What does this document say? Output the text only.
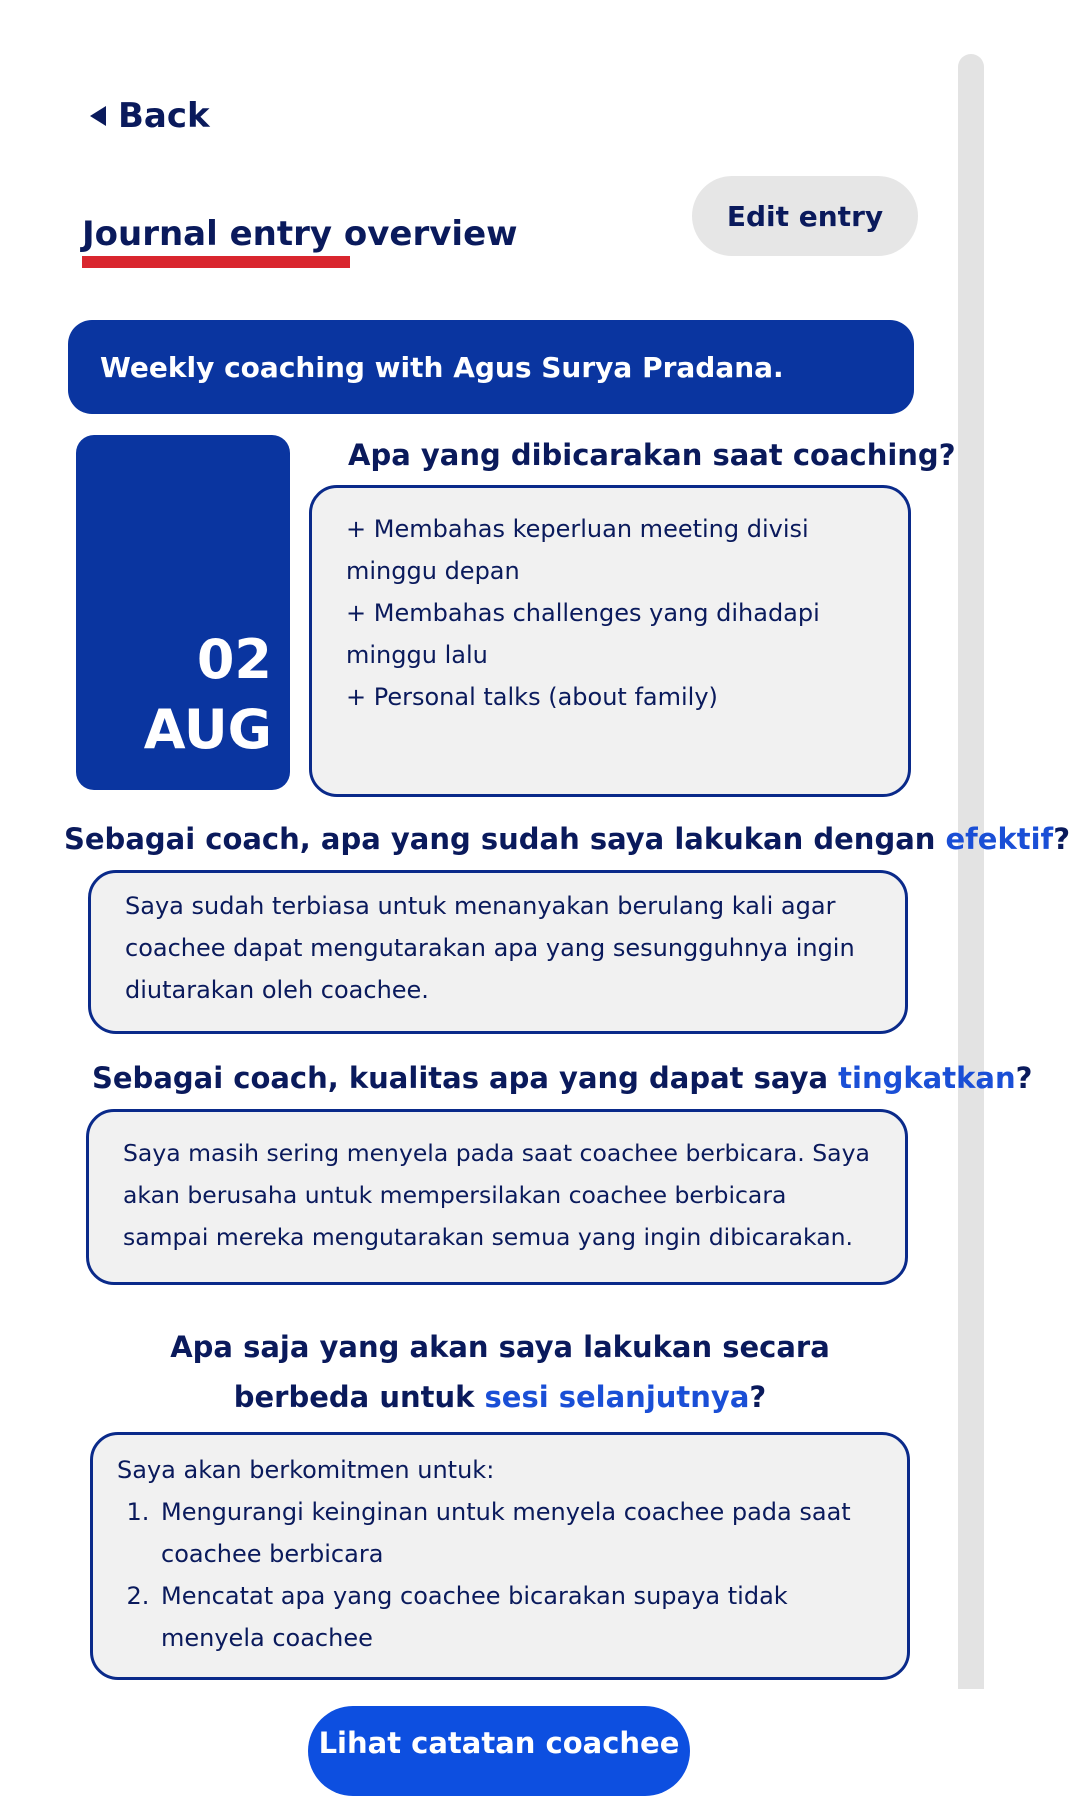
Back
Edit entry
Journal entry overview
Weekly coaching with Agus Surya Pradana.
02
AUG

Apa yang dibicarakan saat coaching?

+ Membahas keperluan meeting divisi
minggu depan
+ Membahas challenges yang dihadapi
minggu lalu
+ Personal talks (about family)

Sebagai coach, apa yang sudah saya lakukan dengan efektif?

Saya sudah terbiasa untuk menanyakan berulang kali agar
coachee dapat mengutarakan apa yang sesungguhnya ingin
diutarakan oleh coachee.

Sebagai coach, kualitas apa yang dapat saya tingkatkan?

Saya masih sering menyela pada saat coachee berbicara. Saya
akan berusaha untuk mempersilakan coachee berbicara
sampai mereka mengutarakan semua yang ingin dibicarakan.

Apa saja yang akan saya lakukan secara
berbeda untuk sesi selanjutnya?

Saya akan berkomitmen untuk:
1. Mengurangi keinginan untuk menyela coachee pada saat
coachee berbicara
2. Mencatat apa yang coachee bicarakan supaya tidak
menyela coachee
Lihat catatan coachee
